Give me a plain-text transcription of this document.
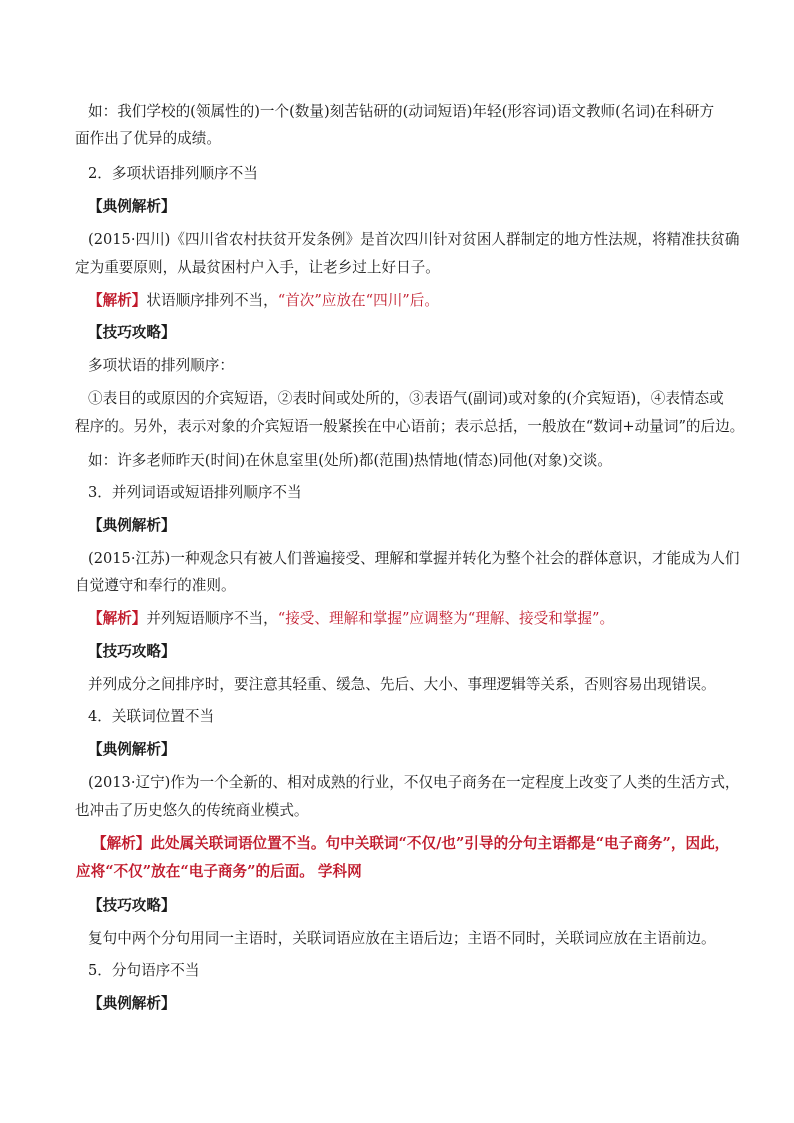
如：我们学校的(领属性的)一个(数量)刻苦钻研的(动词短语)年轻(形容词)语文教师(名词)在科研方
面作出了优异的成绩。
2．多项状语排列顺序不当
【典例解析】
(2015·四川)《四川省农村扶贫开发条例》是首次四川针对贫困人群制定的地方性法规，将精准扶贫确
定为重要原则，从最贫困村户入手，让老乡过上好日子。
【解析】状语顺序排列不当，“首次”应放在“四川”后。
【技巧攻略】
多项状语的排列顺序：
①表目的或原因的介宾短语，②表时间或处所的，③表语气(副词)或对象的(介宾短语)，④表情态或
程序的。另外，表示对象的介宾短语一般紧挨在中心语前；表示总括，一般放在“数词+动量词”的后边。
如：许多老师昨天(时间)在休息室里(处所)都(范围)热情地(情态)同他(对象)交谈。
3．并列词语或短语排列顺序不当
【典例解析】
(2015·江苏)一种观念只有被人们普遍接受、理解和掌握并转化为整个社会的群体意识，才能成为人们
自觉遵守和奉行的准则。
【解析】并列短语顺序不当，“接受、理解和掌握”应调整为“理解、接受和掌握”。
【技巧攻略】
并列成分之间排序时，要注意其轻重、缓急、先后、大小、事理逻辑等关系，否则容易出现错误。
4．关联词位置不当
【典例解析】
(2013·辽宁)作为一个全新的、相对成熟的行业，不仅电子商务在一定程度上改变了人类的生活方式，
也冲击了历史悠久的传统商业模式。
【解析】此处属关联词语位置不当。句中关联词“不仅/也”引导的分句主语都是“电子商务”，因此，
应将“不仅”放在“电子商务”的后面。 学科网
【技巧攻略】
复句中两个分句用同一主语时，关联词语应放在主语后边；主语不同时，关联词应放在主语前边。
5．分句语序不当
【典例解析】
